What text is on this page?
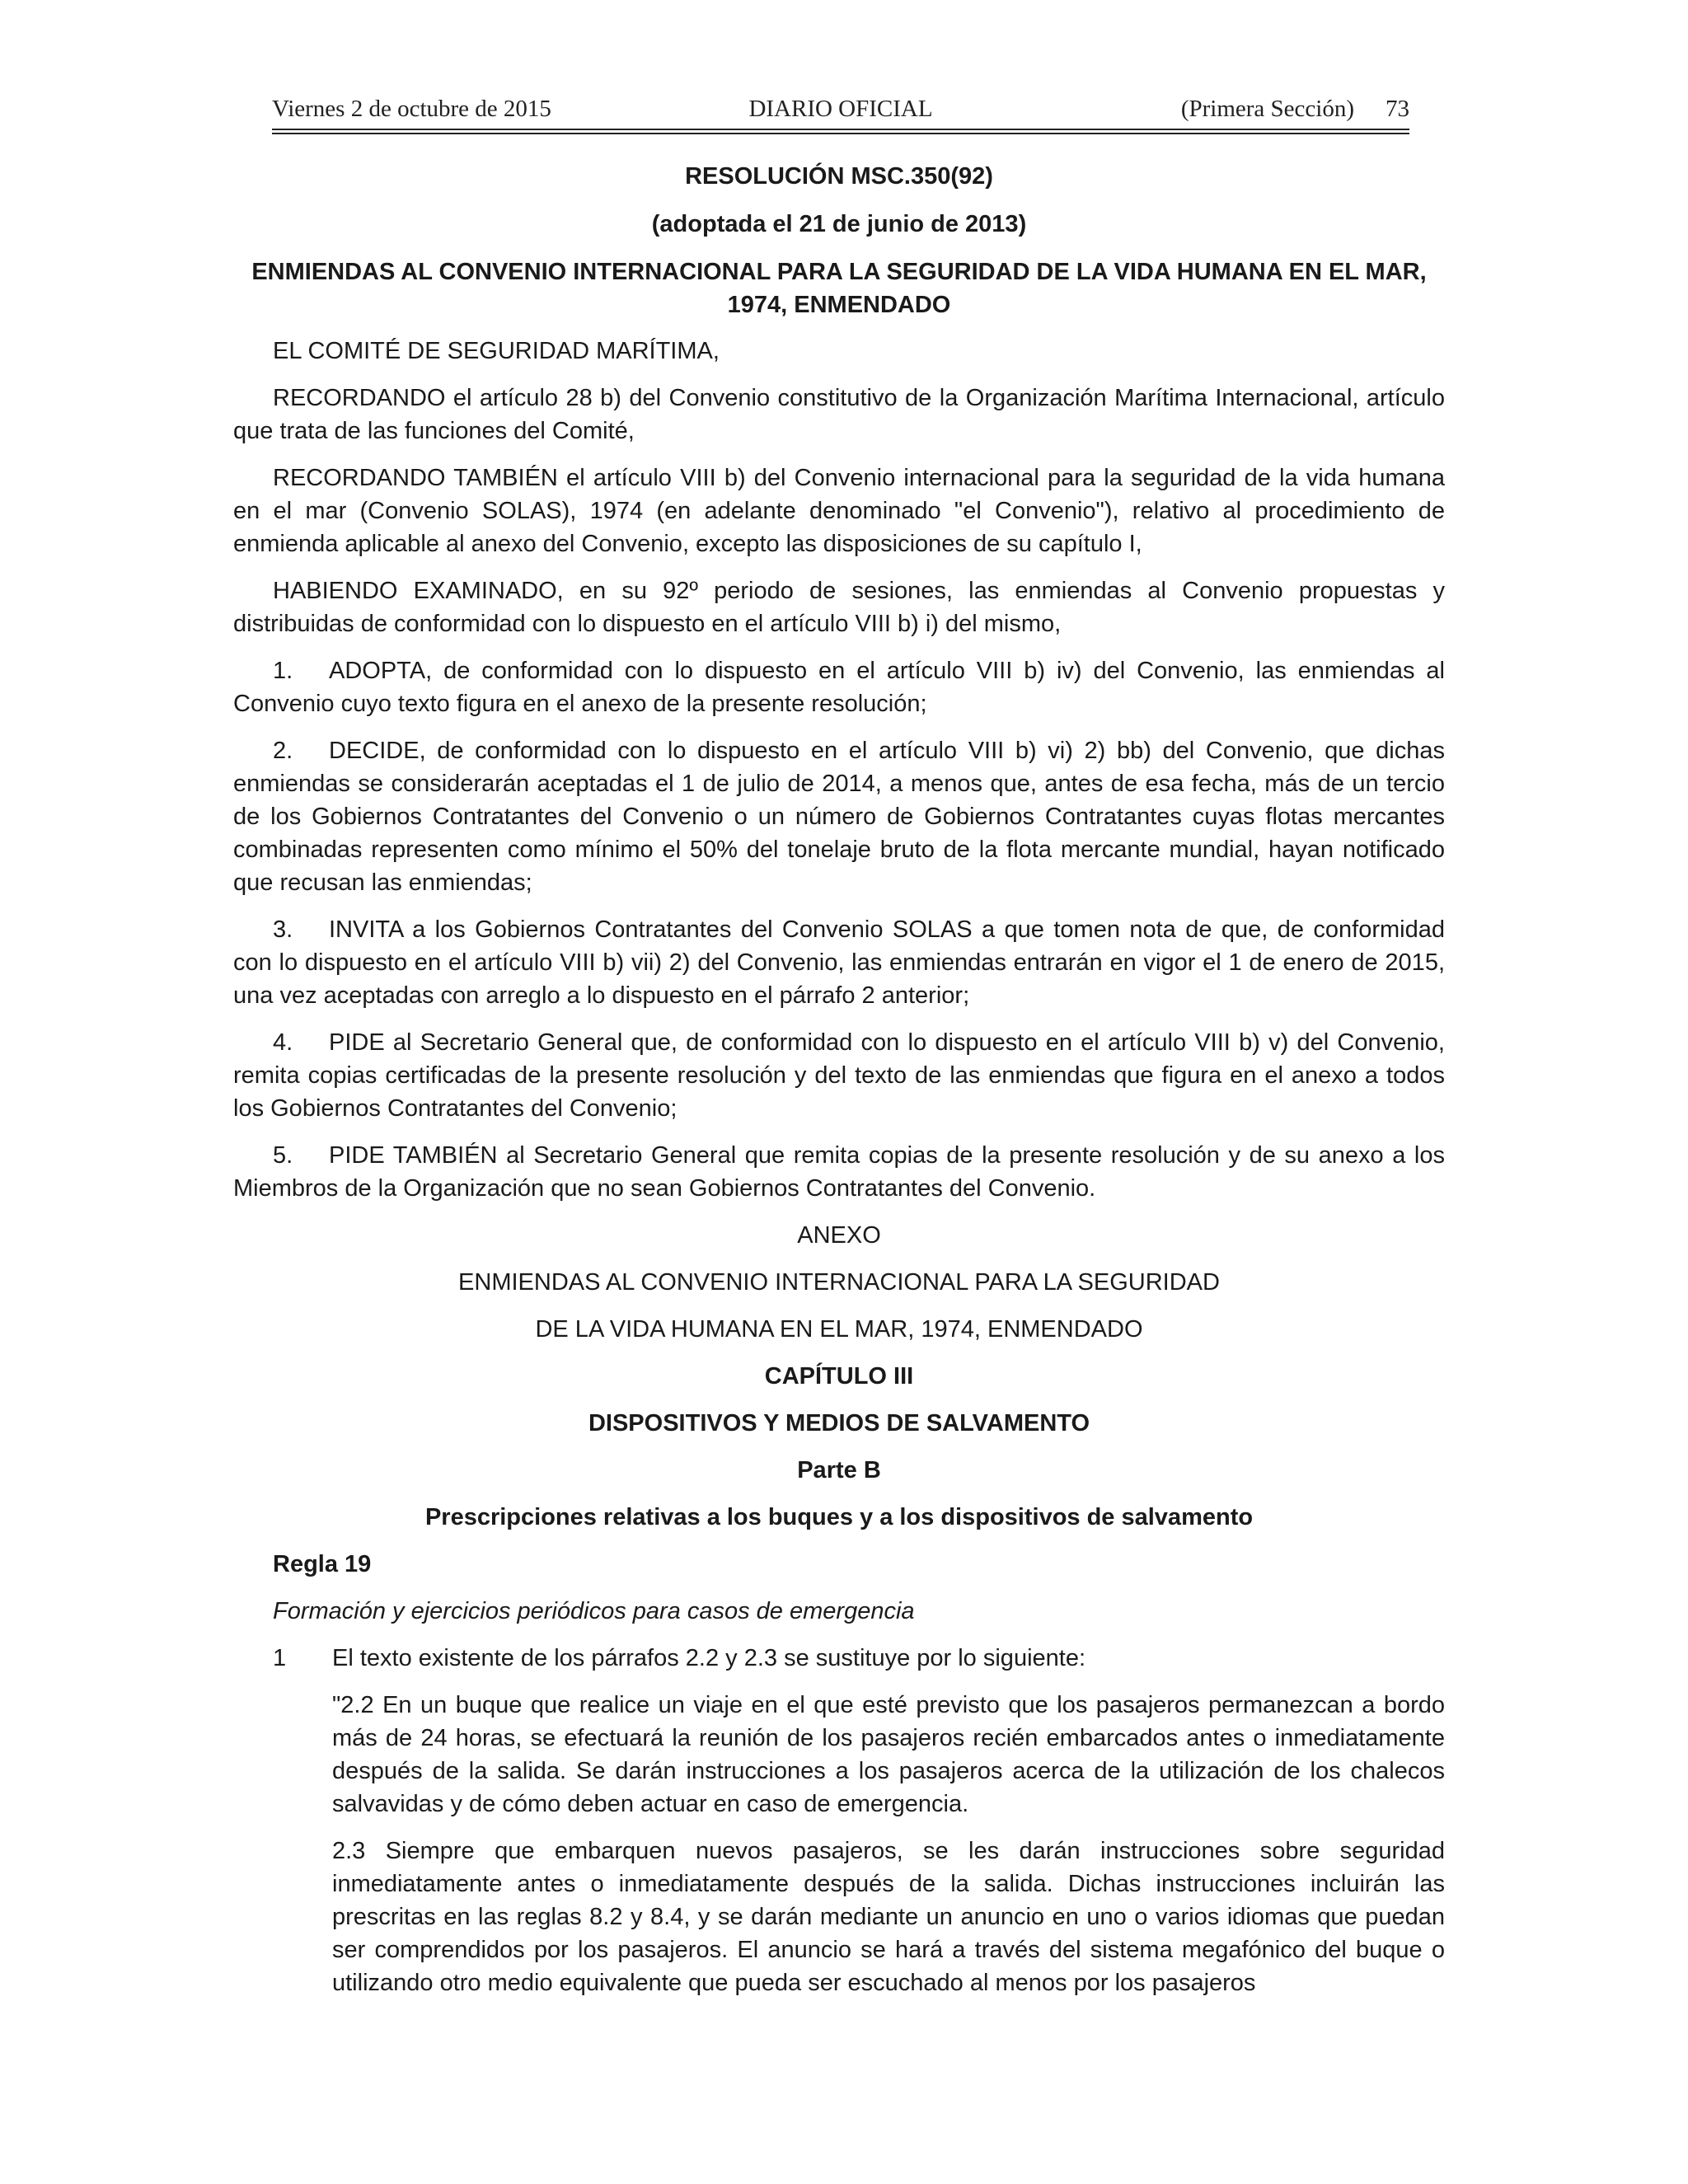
Viernes 2 de octubre de 2015	DIARIO OFICIAL	(Primera Sección) 73

RESOLUCIÓN MSC.350(92)

(adoptada el 21 de junio de 2013)

ENMIENDAS AL CONVENIO INTERNACIONAL PARA LA SEGURIDAD DE LA VIDA HUMANA EN EL MAR, 1974, ENMENDADO

EL COMITÉ DE SEGURIDAD MARÍTIMA,

RECORDANDO el artículo 28 b) del Convenio constitutivo de la Organización Marítima Internacional, artículo que trata de las funciones del Comité,

RECORDANDO TAMBIÉN el artículo VIII b) del Convenio internacional para la seguridad de la vida humana en el mar (Convenio SOLAS), 1974 (en adelante denominado "el Convenio"), relativo al procedimiento de enmienda aplicable al anexo del Convenio, excepto las disposiciones de su capítulo I,

HABIENDO EXAMINADO, en su 92º periodo de sesiones, las enmiendas al Convenio propuestas y distribuidas de conformidad con lo dispuesto en el artículo VIII b) i) del mismo,

1. ADOPTA, de conformidad con lo dispuesto en el artículo VIII b) iv) del Convenio, las enmiendas al Convenio cuyo texto figura en el anexo de la presente resolución;

2. DECIDE, de conformidad con lo dispuesto en el artículo VIII b) vi) 2) bb) del Convenio, que dichas enmiendas se considerarán aceptadas el 1 de julio de 2014, a menos que, antes de esa fecha, más de un tercio de los Gobiernos Contratantes del Convenio o un número de Gobiernos Contratantes cuyas flotas mercantes combinadas representen como mínimo el 50% del tonelaje bruto de la flota mercante mundial, hayan notificado que recusan las enmiendas;

3. INVITA a los Gobiernos Contratantes del Convenio SOLAS a que tomen nota de que, de conformidad con lo dispuesto en el artículo VIII b) vii) 2) del Convenio, las enmiendas entrarán en vigor el 1 de enero de 2015, una vez aceptadas con arreglo a lo dispuesto en el párrafo 2 anterior;

4. PIDE al Secretario General que, de conformidad con lo dispuesto en el artículo VIII b) v) del Convenio, remita copias certificadas de la presente resolución y del texto de las enmiendas que figura en el anexo a todos los Gobiernos Contratantes del Convenio;

5. PIDE TAMBIÉN al Secretario General que remita copias de la presente resolución y de su anexo a los Miembros de la Organización que no sean Gobiernos Contratantes del Convenio.

ANEXO

ENMIENDAS AL CONVENIO INTERNACIONAL PARA LA SEGURIDAD

DE LA VIDA HUMANA EN EL MAR, 1974, ENMENDADO

CAPÍTULO III

DISPOSITIVOS Y MEDIOS DE SALVAMENTO

Parte B

Prescripciones relativas a los buques y a los dispositivos de salvamento

Regla 19

Formación y ejercicios periódicos para casos de emergencia

1 El texto existente de los párrafos 2.2 y 2.3 se sustituye por lo siguiente:

"2.2 En un buque que realice un viaje en el que esté previsto que los pasajeros permanezcan a bordo más de 24 horas, se efectuará la reunión de los pasajeros recién embarcados antes o inmediatamente después de la salida. Se darán instrucciones a los pasajeros acerca de la utilización de los chalecos salvavidas y de cómo deben actuar en caso de emergencia.

2.3 Siempre que embarquen nuevos pasajeros, se les darán instrucciones sobre seguridad inmediatamente antes o inmediatamente después de la salida. Dichas instrucciones incluirán las prescritas en las reglas 8.2 y 8.4, y se darán mediante un anuncio en uno o varios idiomas que puedan ser comprendidos por los pasajeros. El anuncio se hará a través del sistema megafónico del buque o utilizando otro medio equivalente que pueda ser escuchado al menos por los pasajeros
